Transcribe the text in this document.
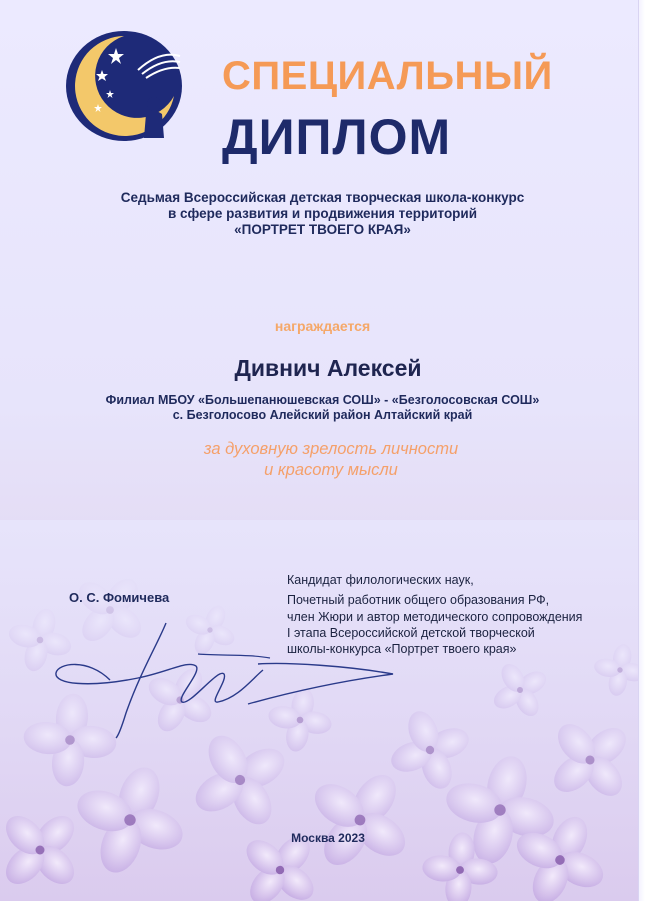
СПЕЦИАЛЬНЫЙ
ДИПЛОМ
Седьмая Всероссийская детская творческая школа-конкурс
в сфере развития и продвижения территорий
«ПОРТРЕТ ТВОЕГО КРАЯ»
награждается
Дивнич Алексей
Филиал МБОУ «Большепанюшевская СОШ» - «Безголосовская СОШ»
с. Безголосово Алейский район Алтайский край
за духовную зрелость личности
и красоту мысли
О. С. Фомичева
Кандидат филологических наук,
Почетный работник общего образования РФ,
член Жюри и автор методического сопровождения
I этапа Всероссийской детской творческой
школы-конкурса «Портрет твоего края»
Москва 2023
